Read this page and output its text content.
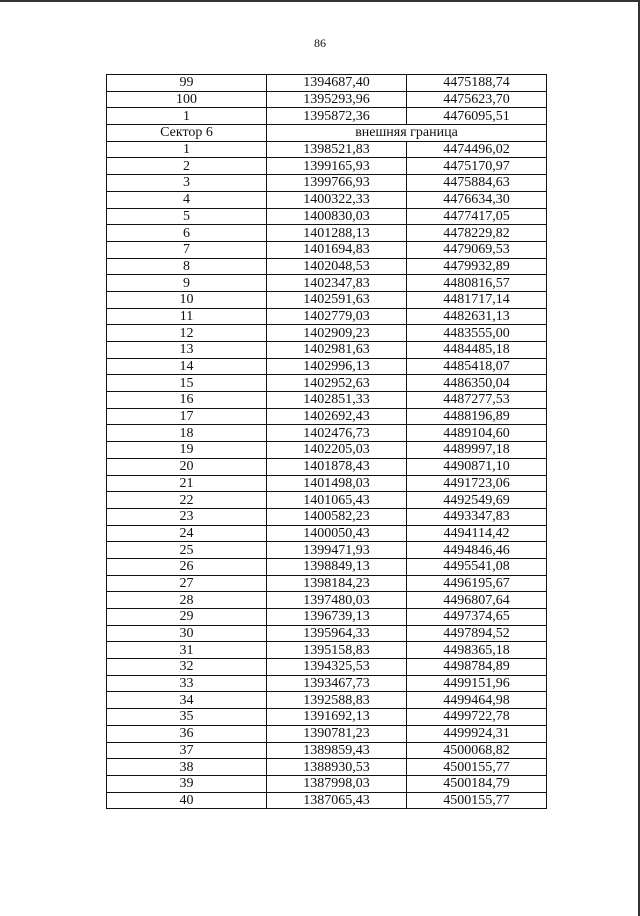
86
99	1394687,40	4475188,74
100	1395293,96	4475623,70
1	1395872,36	4476095,51
Сектор 6	внешняя граница	
1	1398521,83	4474496,02
2	1399165,93	4475170,97
3	1399766,93	4475884,63
4	1400322,33	4476634,30
5	1400830,03	4477417,05
6	1401288,13	4478229,82
7	1401694,83	4479069,53
8	1402048,53	4479932,89
9	1402347,83	4480816,57
10	1402591,63	4481717,14
11	1402779,03	4482631,13
12	1402909,23	4483555,00
13	1402981,63	4484485,18
14	1402996,13	4485418,07
15	1402952,63	4486350,04
16	1402851,33	4487277,53
17	1402692,43	4488196,89
18	1402476,73	4489104,60
19	1402205,03	4489997,18
20	1401878,43	4490871,10
21	1401498,03	4491723,06
22	1401065,43	4492549,69
23	1400582,23	4493347,83
24	1400050,43	4494114,42
25	1399471,93	4494846,46
26	1398849,13	4495541,08
27	1398184,23	4496195,67
28	1397480,03	4496807,64
29	1396739,13	4497374,65
30	1395964,33	4497894,52
31	1395158,83	4498365,18
32	1394325,53	4498784,89
33	1393467,73	4499151,96
34	1392588,83	4499464,98
35	1391692,13	4499722,78
36	1390781,23	4499924,31
37	1389859,43	4500068,82
38	1388930,53	4500155,77
39	1387998,03	4500184,79
40	1387065,43	4500155,77
